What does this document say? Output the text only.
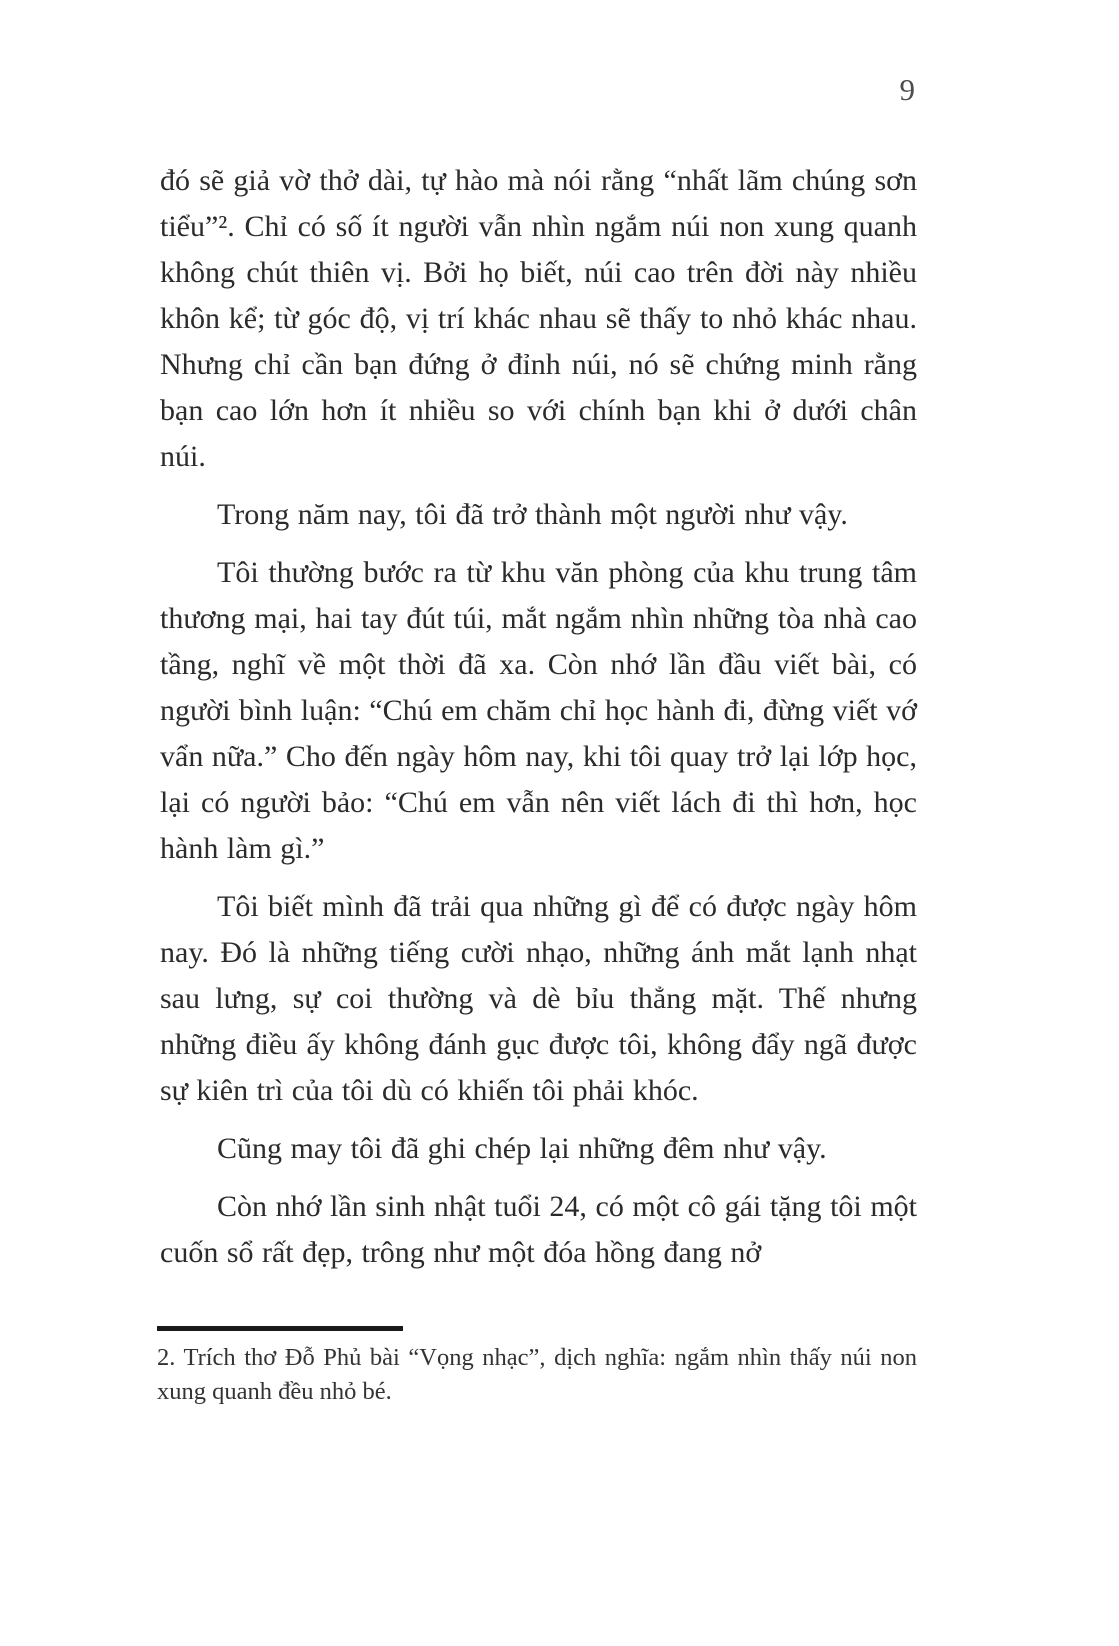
9

đó sẽ giả vờ thở dài, tự hào mà nói rằng “nhất lãm chúng sơn tiểu”². Chỉ có số ít người vẫn nhìn ngắm núi non xung quanh không chút thiên vị. Bởi họ biết, núi cao trên đời này nhiều khôn kể; từ góc độ, vị trí khác nhau sẽ thấy to nhỏ khác nhau. Nhưng chỉ cần bạn đứng ở đỉnh núi, nó sẽ chứng minh rằng bạn cao lớn hơn ít nhiều so với chính bạn khi ở dưới chân núi.

Trong năm nay, tôi đã trở thành một người như vậy.

Tôi thường bước ra từ khu văn phòng của khu trung tâm thương mại, hai tay đút túi, mắt ngắm nhìn những tòa nhà cao tầng, nghĩ về một thời đã xa. Còn nhớ lần đầu viết bài, có người bình luận: “Chú em chăm chỉ học hành đi, đừng viết vớ vẩn nữa.” Cho đến ngày hôm nay, khi tôi quay trở lại lớp học, lại có người bảo: “Chú em vẫn nên viết lách đi thì hơn, học hành làm gì.”

Tôi biết mình đã trải qua những gì để có được ngày hôm nay. Đó là những tiếng cười nhạo, những ánh mắt lạnh nhạt sau lưng, sự coi thường và dè bỉu thẳng mặt. Thế nhưng những điều ấy không đánh gục được tôi, không đẩy ngã được sự kiên trì của tôi dù có khiến tôi phải khóc.

Cũng may tôi đã ghi chép lại những đêm như vậy.

Còn nhớ lần sinh nhật tuổi 24, có một cô gái tặng tôi một cuốn sổ rất đẹp, trông như một đóa hồng đang nở

2. Trích thơ Đỗ Phủ bài “Vọng nhạc”, dịch nghĩa: ngắm nhìn thấy núi non xung quanh đều nhỏ bé.
